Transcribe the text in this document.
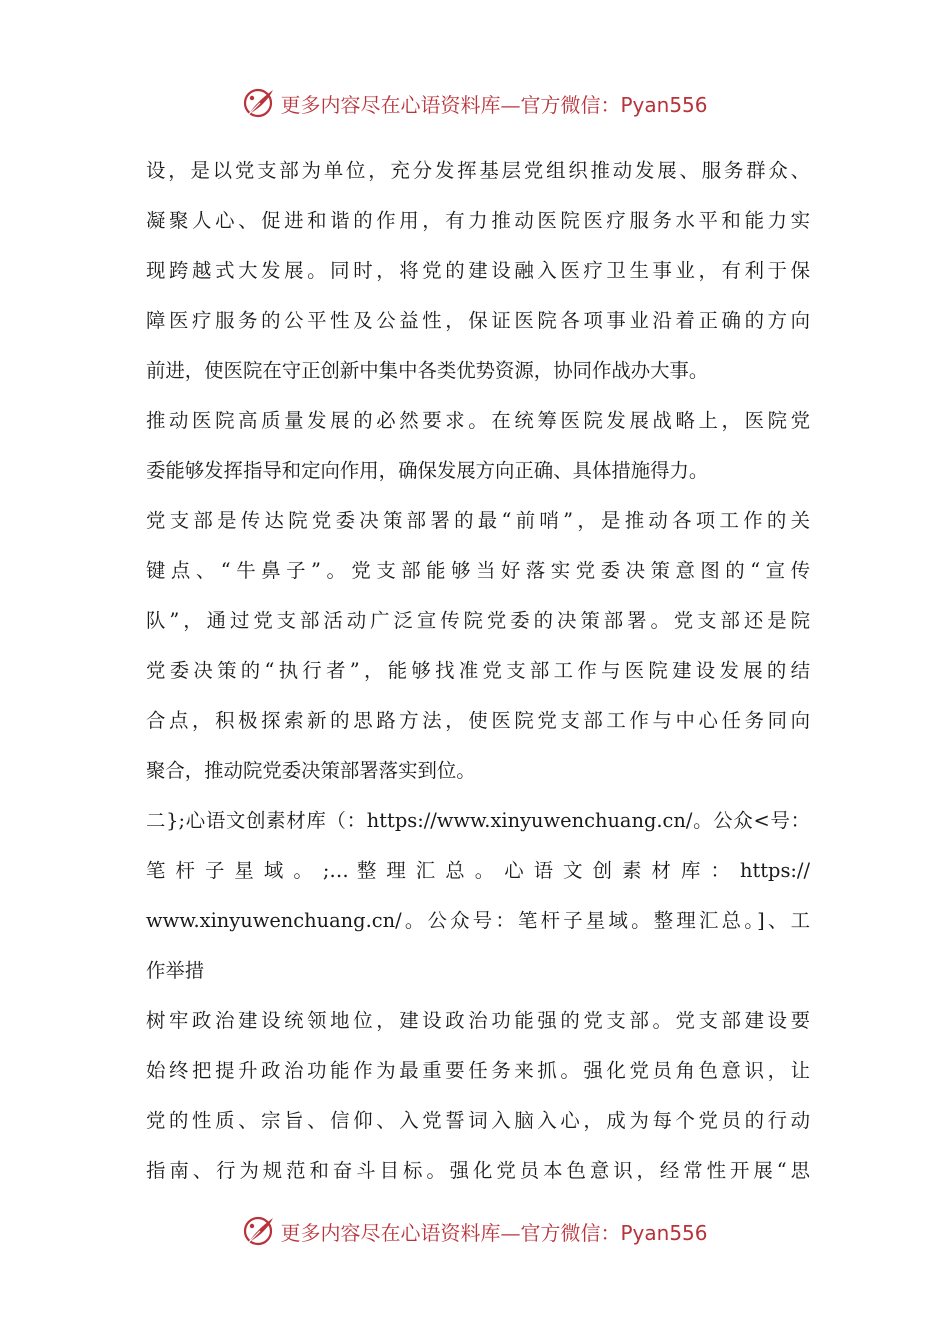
更多内容尽在心语资料库—官方微信：Pyan556
设，是以党支部为单位，充分发挥基层党组织推动发展、服务群众、
凝聚人心、促进和谐的作用，有力推动医院医疗服务水平和能力实
现跨越式大发展。同时，将党的建设融入医疗卫生事业，有利于保
障医疗服务的公平性及公益性，保证医院各项事业沿着正确的方向
前进，使医院在守正创新中集中各类优势资源，协同作战办大事。
推动医院高质量发展的必然要求。在统筹医院发展战略上，医院党
委能够发挥指导和定向作用，确保发展方向正确、具体措施得力。
党支部是传达院党委决策部署的最“前哨”，是推动各项工作的关
键点、“牛鼻子”。党支部能够当好落实党委决策意图的“宣传
队”，通过党支部活动广泛宣传院党委的决策部署。党支部还是院
党委决策的“执行者”，能够找准党支部工作与医院建设发展的结
合点，积极探索新的思路方法，使医院党支部工作与中心任务同向
聚合，推动院党委决策部署落实到位。
二};心语文创素材库（：https://www.xinyuwenchuang.cn/。公众<号：
笔 杆 子 星 域 。 ;… 整 理 汇 总 。 心 语 文 创 素 材 库 ： https://
www.xinyuwenchuang.cn/。公众号：笔杆子星域。整理汇总。]、工
作举措
树牢政治建设统领地位，建设政治功能强的党支部。党支部建设要
始终把提升政治功能作为最重要任务来抓。强化党员角色意识，让
党的性质、宗旨、信仰、入党誓词入脑入心，成为每个党员的行动
指南、行为规范和奋斗目标。强化党员本色意识，经常性开展“思
更多内容尽在心语资料库—官方微信：Pyan556
